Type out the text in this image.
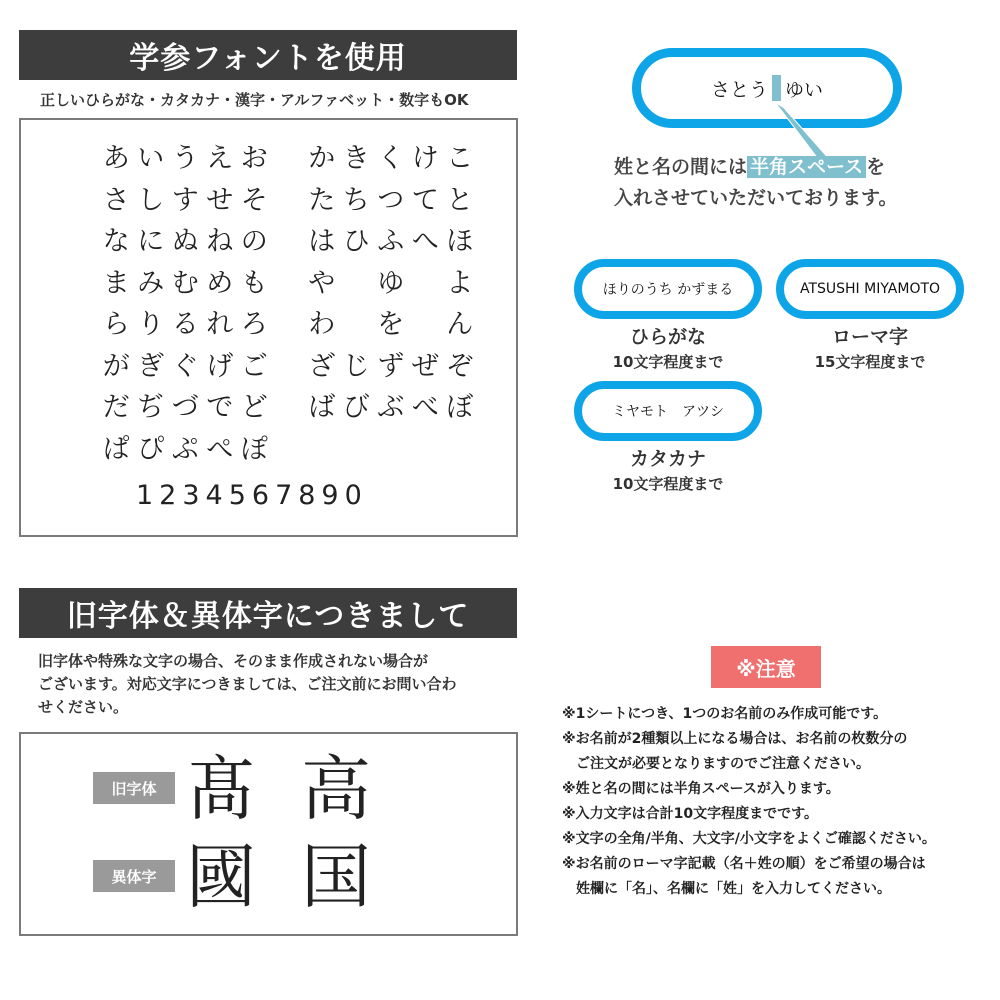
学参フォントを使用
正しいひらがな・カタカナ・漢字・アルファベット・数字もOK
あ い う え お か き く け こ
さ し す せ そ た ち つ て と
な に ぬ ね の は ひ ふ へ ほ
ま み む め も や ゆ よ
ら り る れ ろ わ を ん
が ぎ ぐ げ ご ざ じ ず ぜ ぞ
だ ぢ づ で ど ば び ぶ べ ぼ
ぱ ぴ ぷ ぺ ぽ
1234567890
さとう ゆい
姓と名の間には 半角スペース を
入れさせていただいております。
ほりのうち かずまる
ひらがな
10文字程度まで
ATSUSHI MIYAMOTO
ローマ字
15文字程度まで
ミヤモト　アツシ
カタカナ
10文字程度まで
旧字体＆異体字につきまして
旧字体や特殊な文字の場合、そのまま作成されない場合が
ございます。対応文字につきましては、ご注文前にお問い合わ
せください。
旧字体 髙 高
異体字 國 国
※注意
※1シートにつき、1つのお名前のみ作成可能です。
※お名前が2種類以上になる場合は、お名前の枚数分の
　ご注文が必要となりますのでご注意ください。
※姓と名の間には半角スペースが入ります。
※入力文字は合計10文字程度までです。
※文字の全角/半角、大文字/小文字をよくご確認ください。
※お名前のローマ字記載（名＋姓の順）をご希望の場合は
　姓欄に「名」、名欄に「姓」を入力してください。
